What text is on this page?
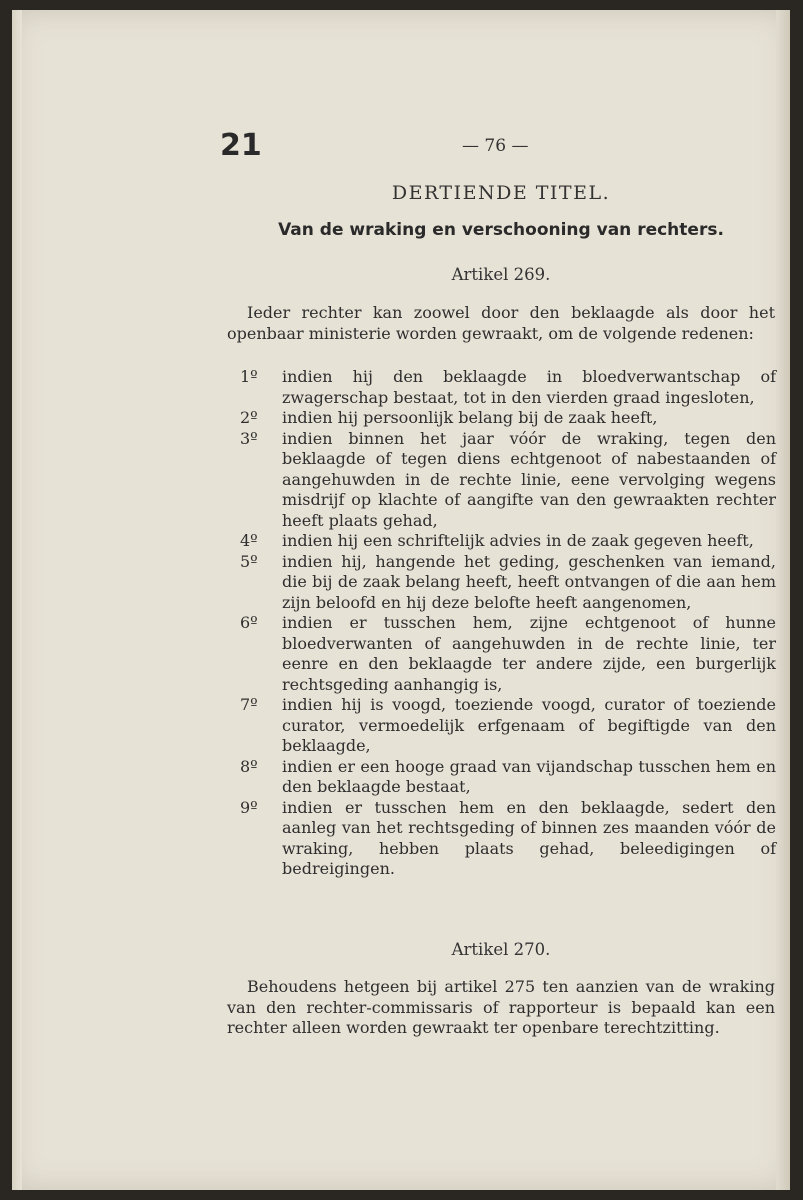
21	— 76 —
DERTIENDE TITEL.
Van de wraking en verschooning van rechters.
Artikel 269.
Ieder rechter kan zoowel door den beklaagde als door het openbaar ministerie worden gewraakt, om de volgende redenen:
1º indien hij den beklaagde in bloedverwantschap of zwagerschap bestaat, tot in den vierden graad ingesloten,
2º indien hij persoonlijk belang bij de zaak heeft,
3º indien binnen het jaar vóór de wraking, tegen den beklaagde of tegen diens echtgenoot of nabestaanden of aangehuwden in de rechte linie, eene vervolging wegens misdrijf op klachte of aangifte van den gewraakten rechter heeft plaats gehad,
4º indien hij een schriftelijk advies in de zaak gegeven heeft,
5º indien hij, hangende het geding, geschenken van iemand, die bij de zaak belang heeft, heeft ontvangen of die aan hem zijn beloofd en hij deze belofte heeft aangenomen,
6º indien er tusschen hem, zijne echtgenoot of hunne bloedverwanten of aangehuwden in de rechte linie, ter eenre en den beklaagde ter andere zijde, een burgerlijk rechtsgeding aanhangig is,
7º indien hij is voogd, toeziende voogd, curator of toeziende curator, vermoedelijk erfgenaam of begiftigde van den beklaagde,
8º indien er een hooge graad van vijandschap tusschen hem en den beklaagde bestaat,
9º indien er tusschen hem en den beklaagde, sedert den aanleg van het rechtsgeding of binnen zes maanden vóór de wraking, hebben plaats gehad, beleedigingen of bedreigingen.
Artikel 270.
Behoudens hetgeen bij artikel 275 ten aanzien van de wraking van den rechter-commissaris of rapporteur is bepaald kan een rechter alleen worden gewraakt ter openbare terechtzitting.
